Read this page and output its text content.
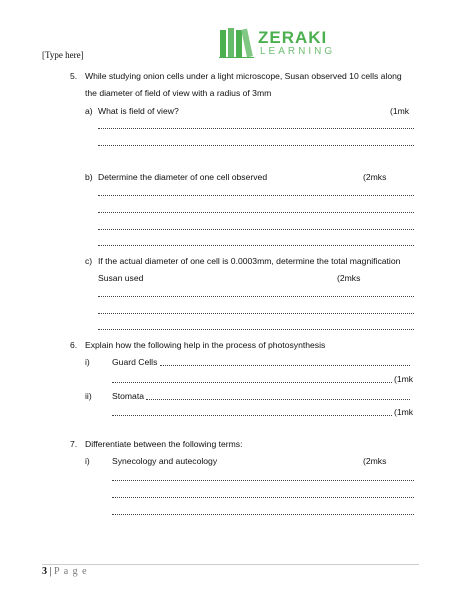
[Type here]
ZERAKI
LEARNING
5. While studying onion cells under a light microscope, Susan observed 10 cells along
the diameter of field of view with a radius of 3mm
a) What is field of view?	(1mk
b) Determine the diameter of one cell observed	(2mks
c) If the actual diameter of one cell is 0.0003mm, determine the total magnification
Susan used	(2mks
6. Explain how the following help in the process of photosynthesis
i)	Guard Cells
(1mk
ii) Stomata
(1mk
7. Differentiate between the following terms:
i)	Synecology and autecology	(2mks
3 | P a g e
